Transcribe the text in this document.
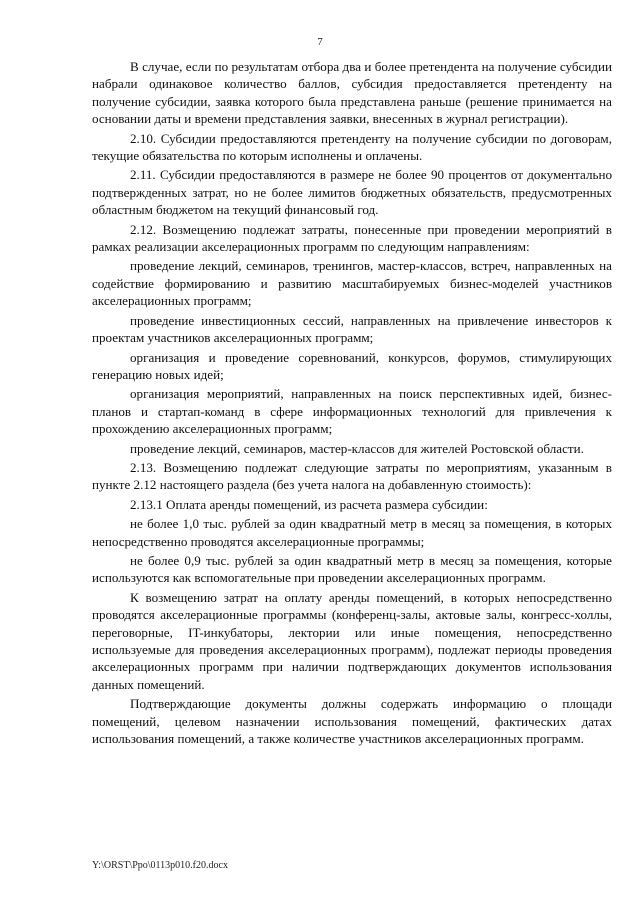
7

В случае, если по результатам отбора два и более претендента на получение субсидии набрали одинаковое количество баллов, субсидия предоставляется претенденту на получение субсидии, заявка которого была представлена раньше (решение принимается на основании даты и времени представления заявки, внесенных в журнал регистрации).

2.10. Субсидии предоставляются претенденту на получение субсидии по договорам, текущие обязательства по которым исполнены и оплачены.

2.11. Субсидии предоставляются в размере не более 90 процентов от документально подтвержденных затрат, но не более лимитов бюджетных обязательств, предусмотренных областным бюджетом на текущий финансовый год.

2.12. Возмещению подлежат затраты, понесенные при проведении мероприятий в рамках реализации акселерационных программ по следующим направлениям:

проведение лекций, семинаров, тренингов, мастер-классов, встреч, направленных на содействие формированию и развитию масштабируемых бизнес-моделей участников акселерационных программ;

проведение инвестиционных сессий, направленных на привлечение инвесторов к проектам участников акселерационных программ;

организация и проведение соревнований, конкурсов, форумов, стимулирующих генерацию новых идей;

организация мероприятий, направленных на поиск перспективных идей, бизнес-планов и стартап-команд в сфере информационных технологий для привлечения к прохождению акселерационных программ;

проведение лекций, семинаров, мастер-классов для жителей Ростовской области.

2.13. Возмещению подлежат следующие затраты по мероприятиям, указанным в пункте 2.12 настоящего раздела (без учета налога на добавленную стоимость):

2.13.1 Оплата аренды помещений, из расчета размера субсидии:

не более 1,0 тыс. рублей за один квадратный метр в месяц за помещения, в которых непосредственно проводятся акселерационные программы;

не более 0,9 тыс. рублей за один квадратный метр в месяц за помещения, которые используются как вспомогательные при проведении акселерационных программ.

К возмещению затрат на оплату аренды помещений, в которых непосредственно проводятся акселерационные программы (конференц-залы, актовые залы, конгресс-холлы, переговорные, IT-инкубаторы, лектории или иные помещения, непосредственно используемые для проведения акселерационных программ), подлежат периоды проведения акселерационных программ при наличии подтверждающих документов использования данных помещений.

Подтверждающие документы должны содержать информацию о площади помещений, целевом назначении использования помещений, фактических датах использования помещений, а также количестве участников акселерационных программ.

Y:\ORST\Ppo\0113p010.f20.docx
